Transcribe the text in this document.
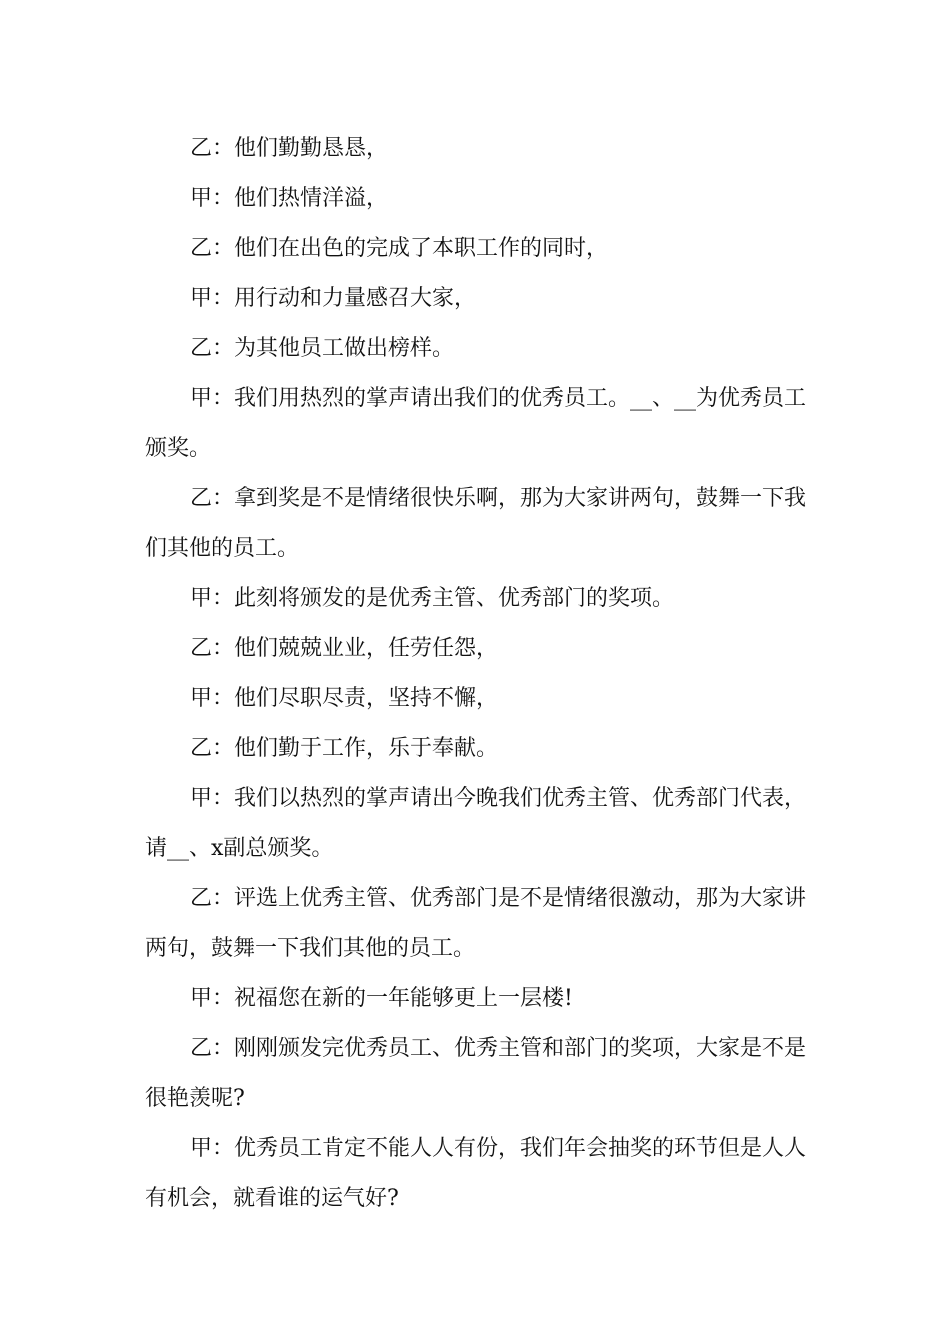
乙：他们勤勤恳恳，

甲：他们热情洋溢，

乙：他们在出色的完成了本职工作的同时，

甲：用行动和力量感召大家，

乙：为其他员工做出榜样。

甲：我们用热烈的掌声请出我们的优秀员工。__、__为优秀员工颁奖。

乙：拿到奖是不是情绪很快乐啊，那为大家讲两句，鼓舞一下我们其他的员工。

甲：此刻将颁发的是优秀主管、优秀部门的奖项。

乙：他们兢兢业业，任劳任怨，

甲：他们尽职尽责，坚持不懈，

乙：他们勤于工作，乐于奉献。

甲：我们以热烈的掌声请出今晚我们优秀主管、优秀部门代表，请__、x副总颁奖。

乙：评选上优秀主管、优秀部门是不是情绪很激动，那为大家讲两句，鼓舞一下我们其他的员工。

甲：祝福您在新的一年能够更上一层楼!

乙：刚刚颁发完优秀员工、优秀主管和部门的奖项，大家是不是很艳羡呢?

甲：优秀员工肯定不能人人有份，我们年会抽奖的环节但是人人有机会，就看谁的运气好?
